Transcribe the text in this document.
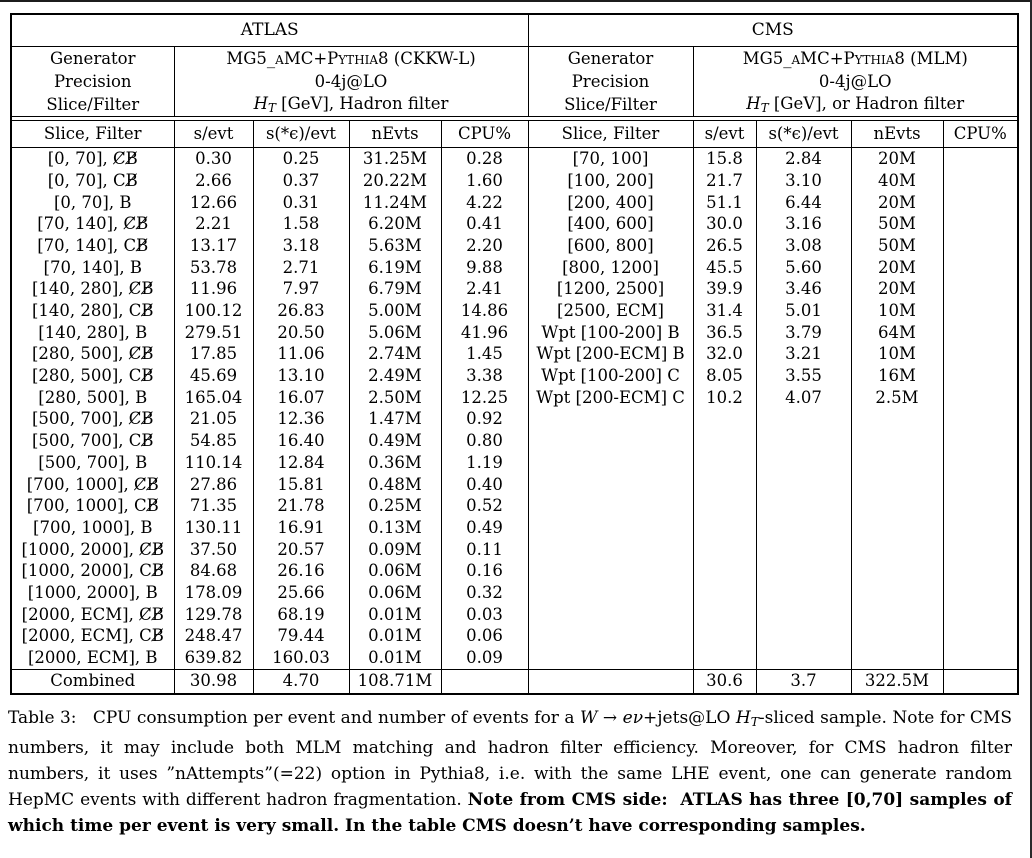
ATLAS					CMS				
Generator	MG5_aMC+Pythia8 (CKKW-L)				Generator	MG5_aMC+Pythia8 (MLM)			
Precision	0-4j@LO				Precision	0-4j@LO			
Slice/Filter	HT [GeV], Hadron filter				Slice/Filter	HT [GeV], or Hadron filter			

Slice, Filter	s/evt	s(*ϵ)/evt	nEvts	CPU%	Slice, Filter	s/evt	s(*ϵ)/evt	nEvts	CPU%
[0, 70], C̸B̸	0.30	0.25	31.25M	0.28	[70, 100]	15.8	2.84	20M	
[0, 70], CB̸	2.66	0.37	20.22M	1.60	[100, 200]	21.7	3.10	40M	
[0, 70], B	12.66	0.31	11.24M	4.22	[200, 400]	51.1	6.44	20M	
[70, 140], C̸B̸	2.21	1.58	6.20M	0.41	[400, 600]	30.0	3.16	50M	
[70, 140], CB̸	13.17	3.18	5.63M	2.20	[600, 800]	26.5	3.08	50M	
[70, 140], B	53.78	2.71	6.19M	9.88	[800, 1200]	45.5	5.60	20M	
[140, 280], C̸B̸	11.96	7.97	6.79M	2.41	[1200, 2500]	39.9	3.46	20M	
[140, 280], CB̸	100.12	26.83	5.00M	14.86	[2500, ECM]	31.4	5.01	10M	
[140, 280], B	279.51	20.50	5.06M	41.96	Wpt [100-200] B	36.5	3.79	64M	
[280, 500], C̸B̸	17.85	11.06	2.74M	1.45	Wpt [200-ECM] B	32.0	3.21	10M	
[280, 500], CB̸	45.69	13.10	2.49M	3.38	Wpt [100-200] C	8.05	3.55	16M	
[280, 500], B	165.04	16.07	2.50M	12.25	Wpt [200-ECM] C	10.2	4.07	2.5M	
[500, 700], C̸B̸	21.05	12.36	1.47M	0.92					
[500, 700], CB̸	54.85	16.40	0.49M	0.80					
[500, 700], B	110.14	12.84	0.36M	1.19					
[700, 1000], C̸B̸	27.86	15.81	0.48M	0.40					
[700, 1000], CB̸	71.35	21.78	0.25M	0.52					
[700, 1000], B	130.11	16.91	0.13M	0.49					
[1000, 2000], C̸B̸	37.50	20.57	0.09M	0.11					
[1000, 2000], CB̸	84.68	26.16	0.06M	0.16					
[1000, 2000], B	178.09	25.66	0.06M	0.32					
[2000, ECM], C̸B̸	129.78	68.19	0.01M	0.03					
[2000, ECM], CB̸	248.47	79.44	0.01M	0.06					
[2000, ECM], B	639.82	160.03	0.01M	0.09					
Combined	30.98	4.70	108.71M			30.6	3.7	322.5M	
Table 3:   CPU consumption per event and number of events for a W → eν+jets@LO HT-sliced sample. Note for CMS numbers, it may include both MLM matching and hadron filter efficiency. Moreover, for CMS hadron filter numbers, it uses ”nAttempts”(=22) option in Pythia8, i.e. with the same LHE event, one can generate random HepMC events with different hadron fragmentation. Note from CMS side:  ATLAS has three [0,70] samples of which time per event is very small. In the table CMS doesn’t have corresponding samples.
